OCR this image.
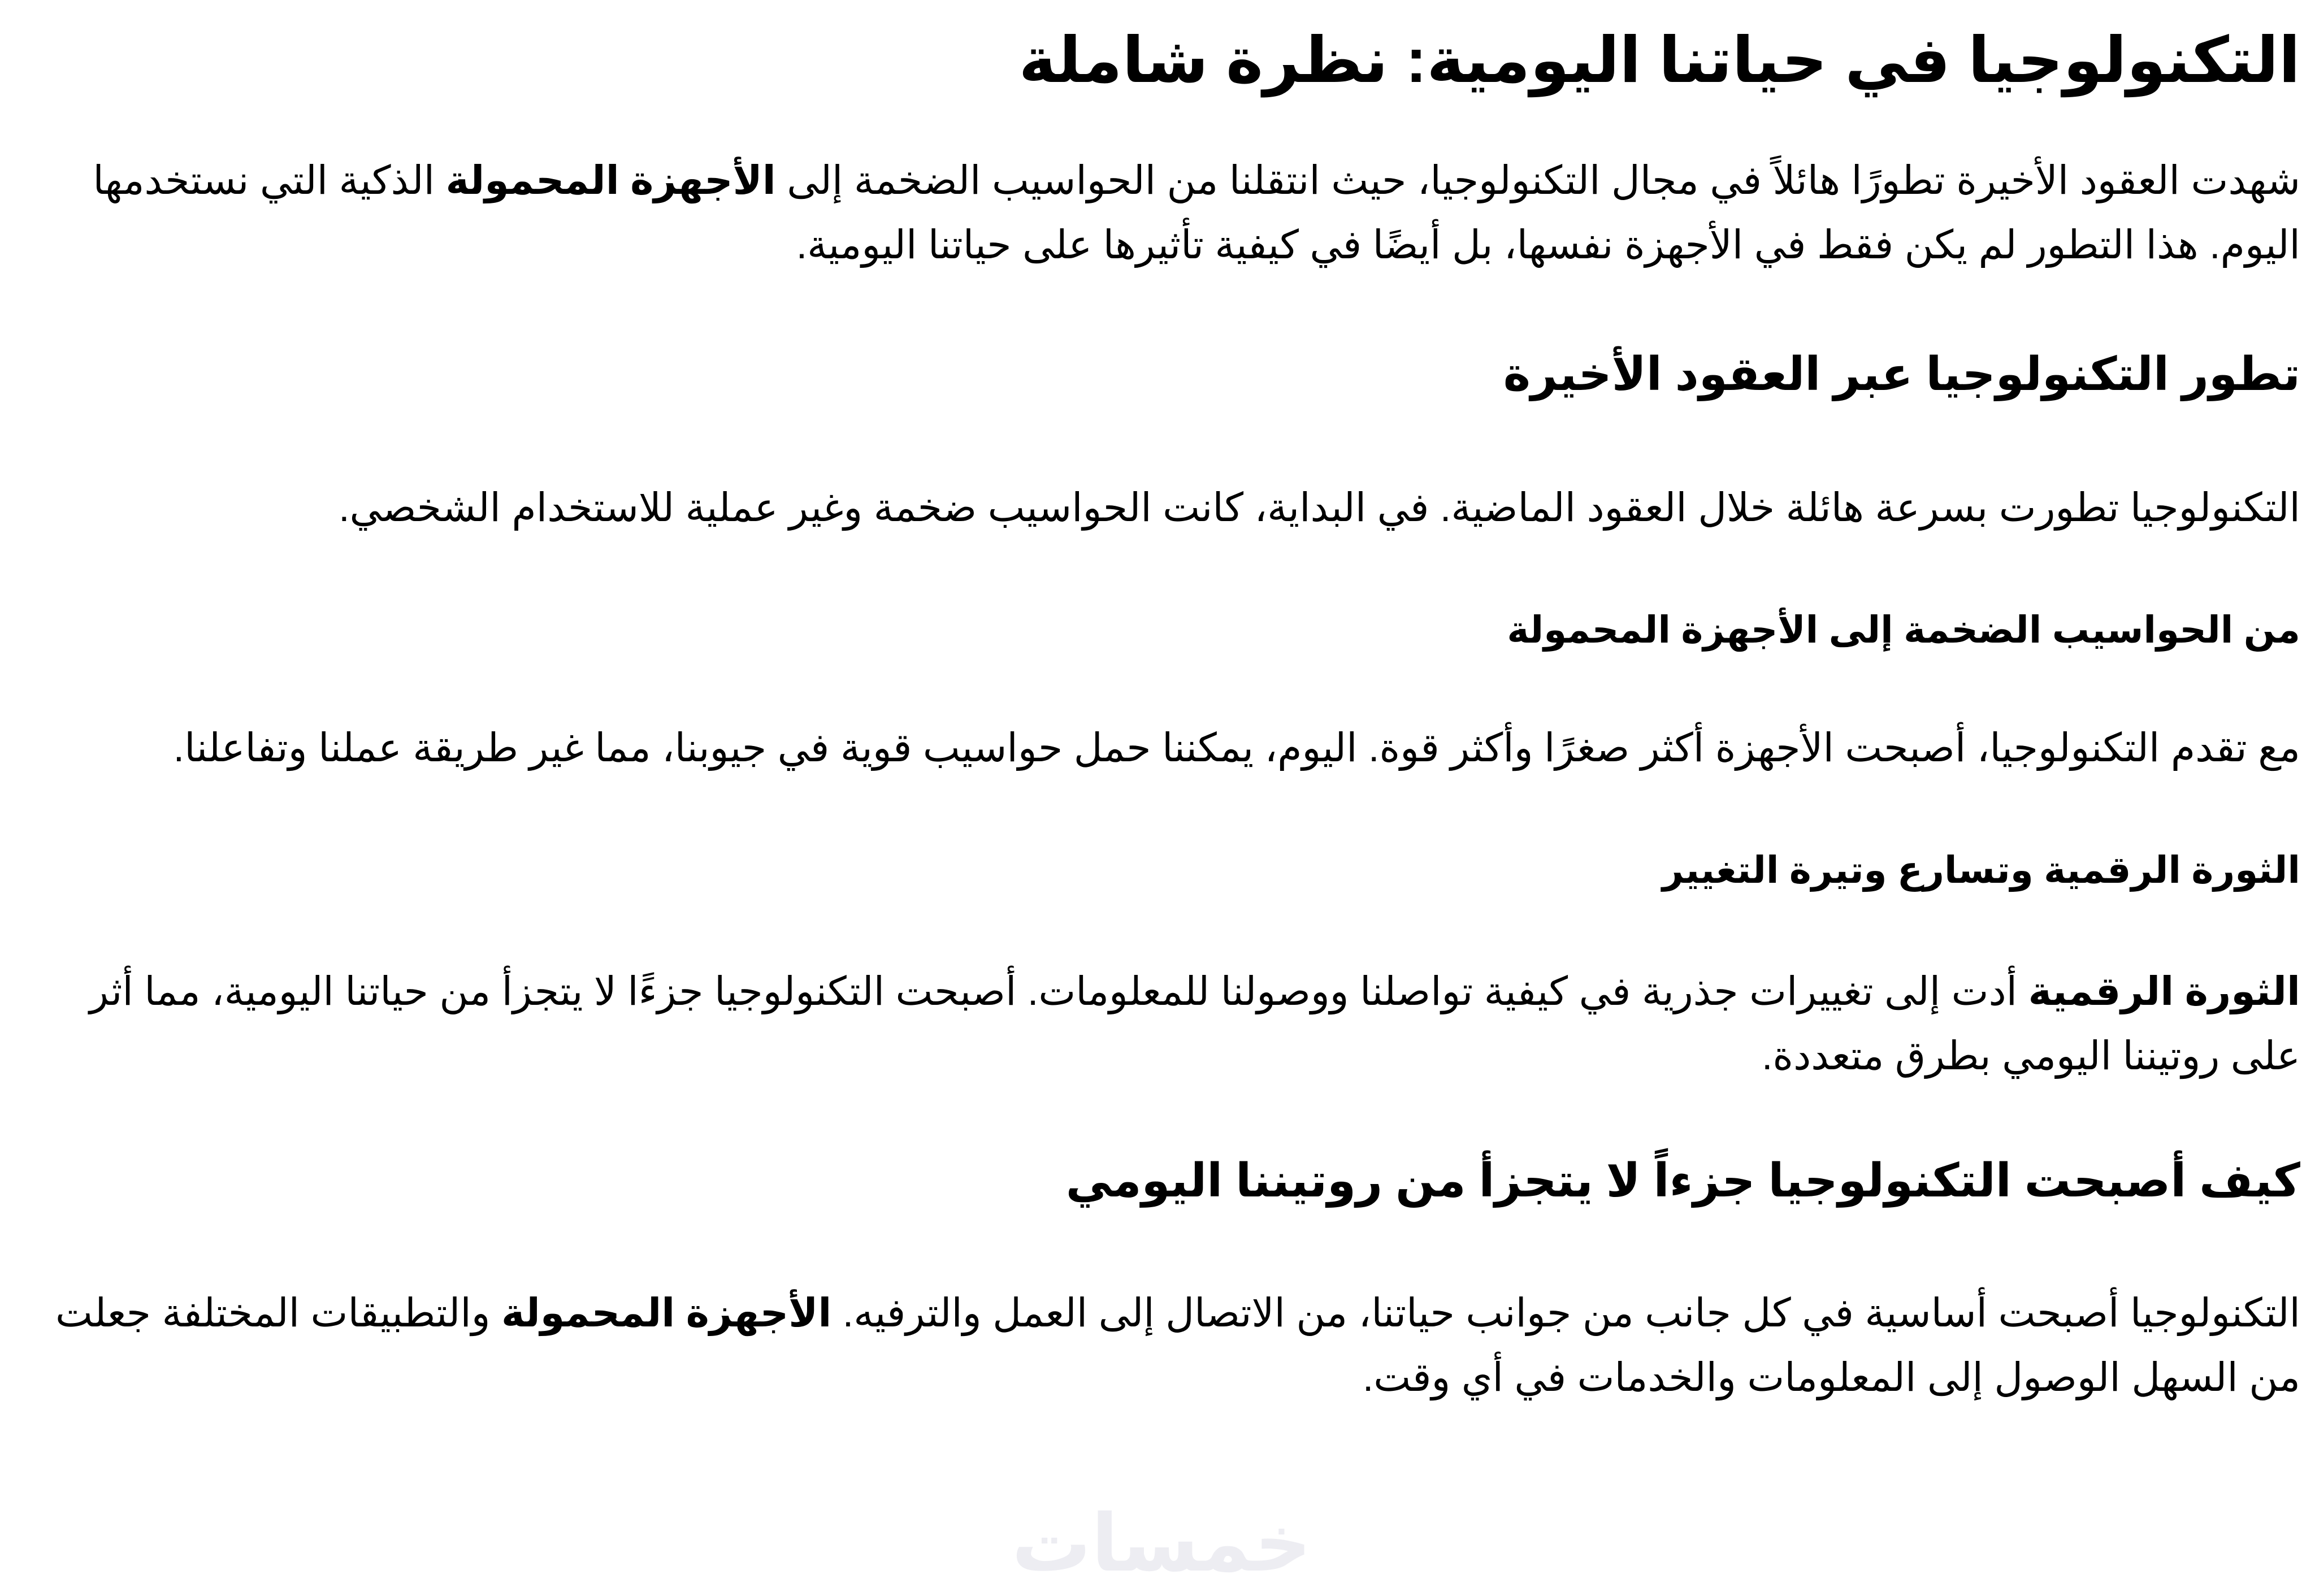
التكنولوجيا في حياتنا اليومية: نظرة شاملة

شهدت العقود الأخيرة تطورًا هائلاً في مجال التكنولوجيا، حيث انتقلنا من الحواسيب الضخمة إلى الأجهزة المحمولة الذكية التي نستخدمها اليوم. هذا التطور لم يكن فقط في الأجهزة نفسها، بل أيضًا في كيفية تأثيرها على حياتنا اليومية.

تطور التكنولوجيا عبر العقود الأخيرة

التكنولوجيا تطورت بسرعة هائلة خلال العقود الماضية. في البداية، كانت الحواسيب ضخمة وغير عملية للاستخدام الشخصي.

من الحواسيب الضخمة إلى الأجهزة المحمولة

مع تقدم التكنولوجيا، أصبحت الأجهزة أكثر صغرًا وأكثر قوة. اليوم، يمكننا حمل حواسيب قوية في جيوبنا، مما غير طريقة عملنا وتفاعلنا.

الثورة الرقمية وتسارع وتيرة التغيير

الثورة الرقمية أدت إلى تغييرات جذرية في كيفية تواصلنا ووصولنا للمعلومات. أصبحت التكنولوجيا جزءًا لا يتجزأ من حياتنا اليومية، مما أثر على روتيننا اليومي بطرق متعددة.

كيف أصبحت التكنولوجيا جزءاً لا يتجزأ من روتيننا اليومي

التكنولوجيا أصبحت أساسية في كل جانب من جوانب حياتنا، من الاتصال إلى العمل والترفيه. الأجهزة المحمولة والتطبيقات المختلفة جعلت من السهل الوصول إلى المعلومات والخدمات في أي وقت.

خمسات
